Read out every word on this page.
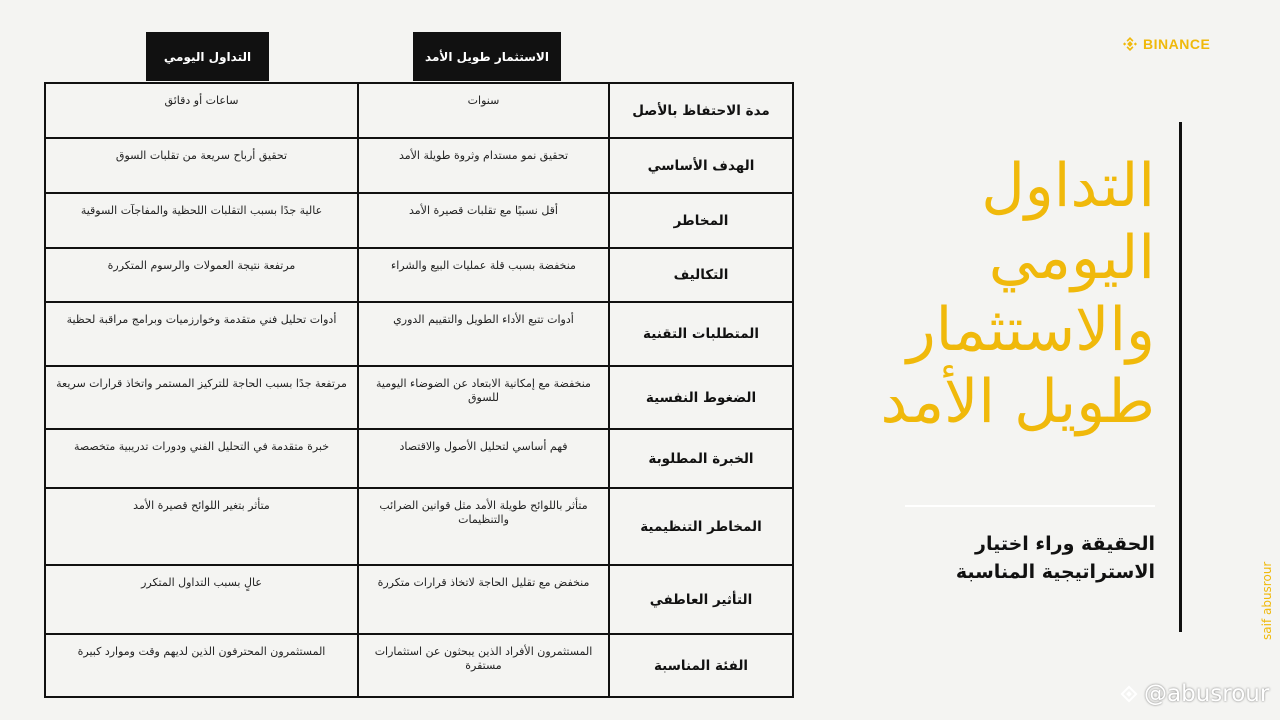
BINANCE
التداول اليومي	الاستثمار طويل الأمد
ساعات أو دقائق	سنوات	مدة الاحتفاظ بالأصل
تحقيق أرباح سريعة من تقلبات السوق	تحقيق نمو مستدام وثروة طويلة الأمد	الهدف الأساسي
عالية جدًا بسبب التقلبات اللحظية والمفاجآت السوقية	أقل نسبيًا مع تقلبات قصيرة الأمد	المخاطر
مرتفعة نتيجة العمولات والرسوم المتكررة	منخفضة بسبب قلة عمليات البيع والشراء	التكاليف
أدوات تحليل فني متقدمة وخوارزميات وبرامج مراقبة لحظية	أدوات تتبع الأداء الطويل والتقييم الدوري	المتطلبات التقنية
مرتفعة جدًا بسبب الحاجة للتركيز المستمر واتخاذ قرارات سريعة	منخفضة مع إمكانية الابتعاد عن الضوضاء اليومية للسوق	الضغوط النفسية
خبرة متقدمة في التحليل الفني ودورات تدريبية متخصصة	فهم أساسي لتحليل الأصول والاقتصاد	الخبرة المطلوبة
متأثر بتغير اللوائح قصيرة الأمد	متأثر باللوائح طويلة الأمد مثل قوانين الضرائب والتنظيمات	المخاطر التنظيمية
عالٍ بسبب التداول المتكرر	منخفض مع تقليل الحاجة لاتخاذ قرارات متكررة	التأثير العاطفي
المستثمرون المحترفون الذين لديهم وقت وموارد كبيرة	المستثمرون الأفراد الذين يبحثون عن استثمارات مستقرة	الفئة المناسبة
التداول
اليومي
والاستثمار
طويل الأمد
الحقيقة وراء اختيار
الاستراتيجية المناسبة	saif abusrour
@abusrour
